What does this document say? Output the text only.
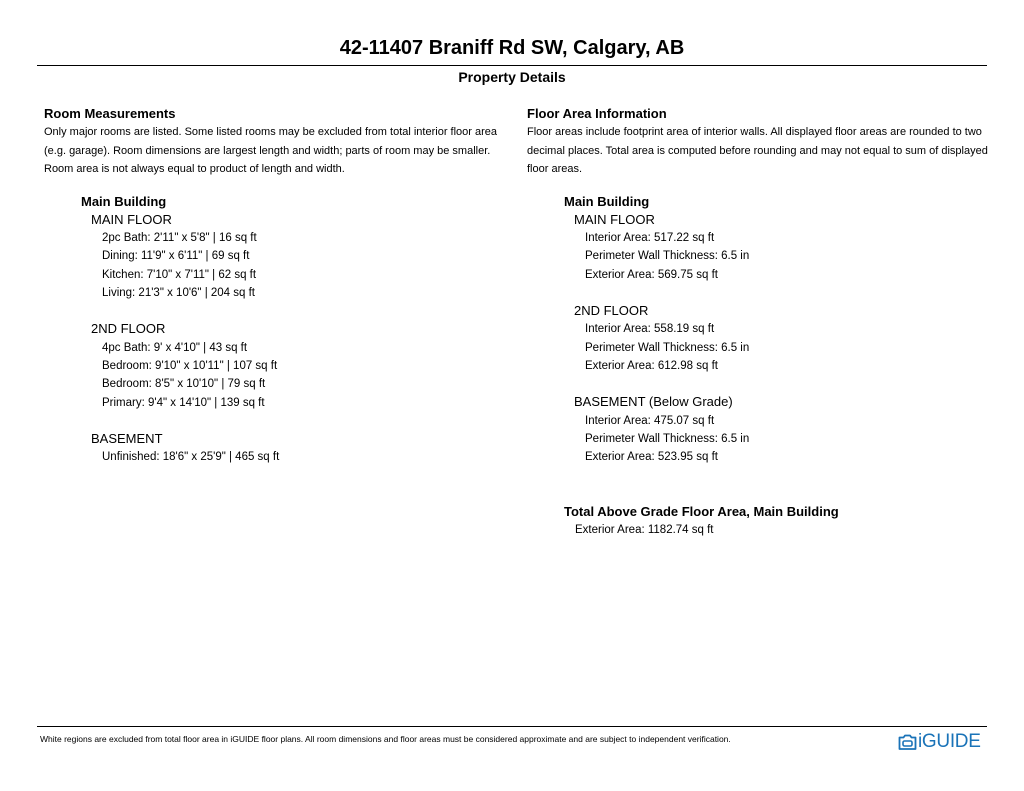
42-11407 Braniff Rd SW, Calgary, AB
Property Details
Room Measurements
Only major rooms are listed. Some listed rooms may be excluded from total interior floor area
(e.g. garage). Room dimensions are largest length and width; parts of room may be smaller.
Room area is not always equal to product of length and width.
Main Building
MAIN FLOOR
2pc Bath: 2'11" x 5'8" | 16 sq ft
Dining: 11'9" x 6'11" | 69 sq ft
Kitchen: 7'10" x 7'11" | 62 sq ft
Living: 21'3" x 10'6" | 204 sq ft
2ND FLOOR
4pc Bath: 9' x 4'10" | 43 sq ft
Bedroom: 9'10" x 10'11" | 107 sq ft
Bedroom: 8'5" x 10'10" | 79 sq ft
Primary: 9'4" x 14'10" | 139 sq ft
BASEMENT
Unfinished: 18'6" x 25'9" | 465 sq ft
Floor Area Information
Floor areas include footprint area of interior walls. All displayed floor areas are rounded to two
decimal places. Total area is computed before rounding and may not equal to sum of displayed
floor areas.
Main Building
MAIN FLOOR
Interior Area: 517.22 sq ft
Perimeter Wall Thickness: 6.5 in
Exterior Area: 569.75 sq ft
2ND FLOOR
Interior Area: 558.19 sq ft
Perimeter Wall Thickness: 6.5 in
Exterior Area: 612.98 sq ft
BASEMENT (Below Grade)
Interior Area: 475.07 sq ft
Perimeter Wall Thickness: 6.5 in
Exterior Area: 523.95 sq ft
Total Above Grade Floor Area, Main Building
Exterior Area: 1182.74 sq ft
White regions are excluded from total floor area in iGUIDE floor plans. All room dimensions and floor areas must be considered approximate and are subject to independent verification.	iGUIDE
